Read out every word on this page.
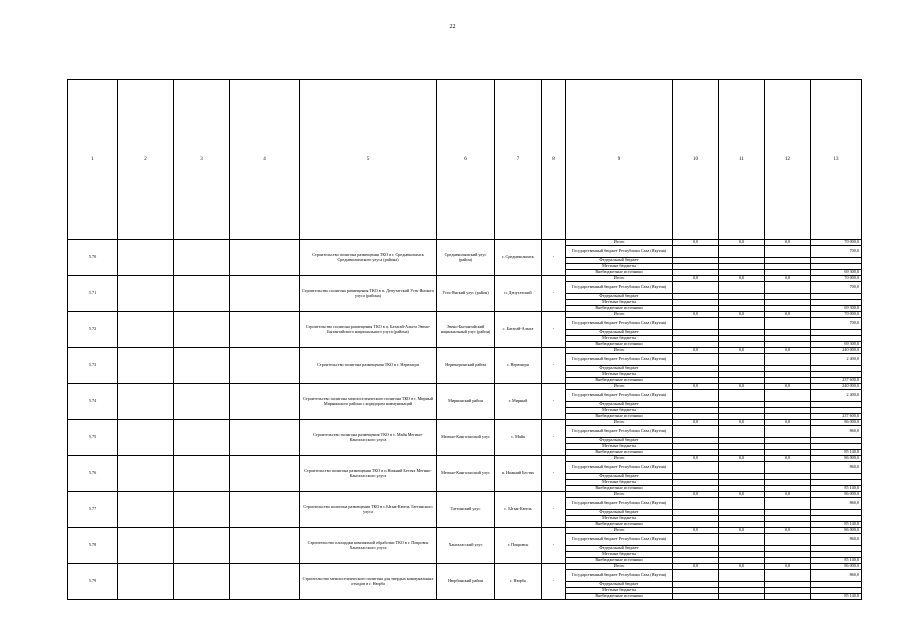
22
1	2	3	4	5	6	7	8	9	10	11	12	13
5.70				Строительство полигона размещения ТКО в г. Среднеколымск Среднеколымского улуса (района)	Среднеколымский улус (район)	г. Среднеколымск	-	Итого	0,0	0,0	0,0	70 000,0
								Государственный бюджет Республики Саха (Якутия)				700,0
								Федеральный бюджет				
								Местные бюджеты				
								Внебюджетные источники				69 300,0
5.71				Строительство полигона размещения ТКО в п. Депутатский Усть-Янского улуса (района)	Усть-Янский улус (район)	п. Депутатский	-	Итого	0,0	0,0	0,0	70 000,0
								Государственный бюджет Республики Саха (Якутия)				700,0
								Федеральный бюджет				
								Местные бюджеты				
								Внебюджетные источники				69 300,0
5.72				Строительство полигона размещения ТКО в п. Батагай-Алыта Эвено-Бытантайского национального улуса (района)	Эвено-Бытантайский национальный улус (район)	с. Батагай-Алыта	-	Итого	0,0	0,0	0,0	70 000,0
								Государственный бюджет Республики Саха (Якутия)				700,0
								Федеральный бюджет				
								Местные бюджеты				
								Внебюджетные источники				69 300,0
5.73				Строительство полигона размещения ТКО в г. Нерюнгри	Нерюнгринский район	г. Нерюнгри	-	Итого	0,0	0,0	0,0	240 000,0
								Государственный бюджет Республики Саха (Якутия)				2 400,0
								Федеральный бюджет				
								Местные бюджеты				
								Внебюджетные источники				237 600,0
5.74				Строительство полигона межпоселенческого полигона ТКО в г. Мирный Мирнинского района с коридором коммуникаций	Мирнинский район	г. Мирный	-	Итого	0,0	0,0	0,0	240 000,0
								Государственный бюджет Республики Саха (Якутия)				2 400,0
								Федеральный бюджет				
								Местные бюджеты				
								Внебюджетные источники				237 600,0
5.75				Строительство полигона размещения ТКО в с. Майя Мегино-Кангаласского улуса	Мегино-Кангаласский улус	с. Майя	-	Итого	0,0	0,0	0,0	86 000,0
								Государственный бюджет Республики Саха (Якутия)				860,0
								Федеральный бюджет				
								Местные бюджеты				
								Внебюджетные источники				85 140,0
5.76				Строительство полигона размещения ТКО в п.Нижний Бестях Мегино-Кангаласского улуса	Мегино-Кангаласский улус	п. Нижний Бестях	-	Итого	0,0	0,0	0,0	86 000,0
								Государственный бюджет Республики Саха (Якутия)				860,0
								Федеральный бюджет				
								Местные бюджеты				
								Внебюджетные источники				85 140,0
5.77				Строительство полигона размещения ТКО в с.Ытык-Кюель Таттинского улуса	Таттинский улус	с. Ытык-Кюель	-	Итого	0,0	0,0	0,0	86 000,0
								Государственный бюджет Республики Саха (Якутия)				860,0
								Федеральный бюджет				
								Местные бюджеты				
								Внебюджетные источники				85 140,0
5.78				Строительство площадки компактной обработки ТКО в г. Покровск Хангаласского улуса	Хангаласский улус	г. Покровск	-	Итого	0,0	0,0	0,0	86 000,0
								Государственный бюджет Республики Саха (Якутия)				860,0
								Федеральный бюджет				
								Местные бюджеты				
								Внебюджетные источники				85 140,0
5.79				Строительство межпоселенческого полигона для твердых коммунальных отходов в г. Нюрба	Нюрбинский район	г. Нюрба	-	Итого	0,0	0,0	0,0	86 000,0
								Государственный бюджет Республики Саха (Якутия)				860,0
								Федеральный бюджет				
								Местные бюджеты				
								Внебюджетные источники				85 140,0
